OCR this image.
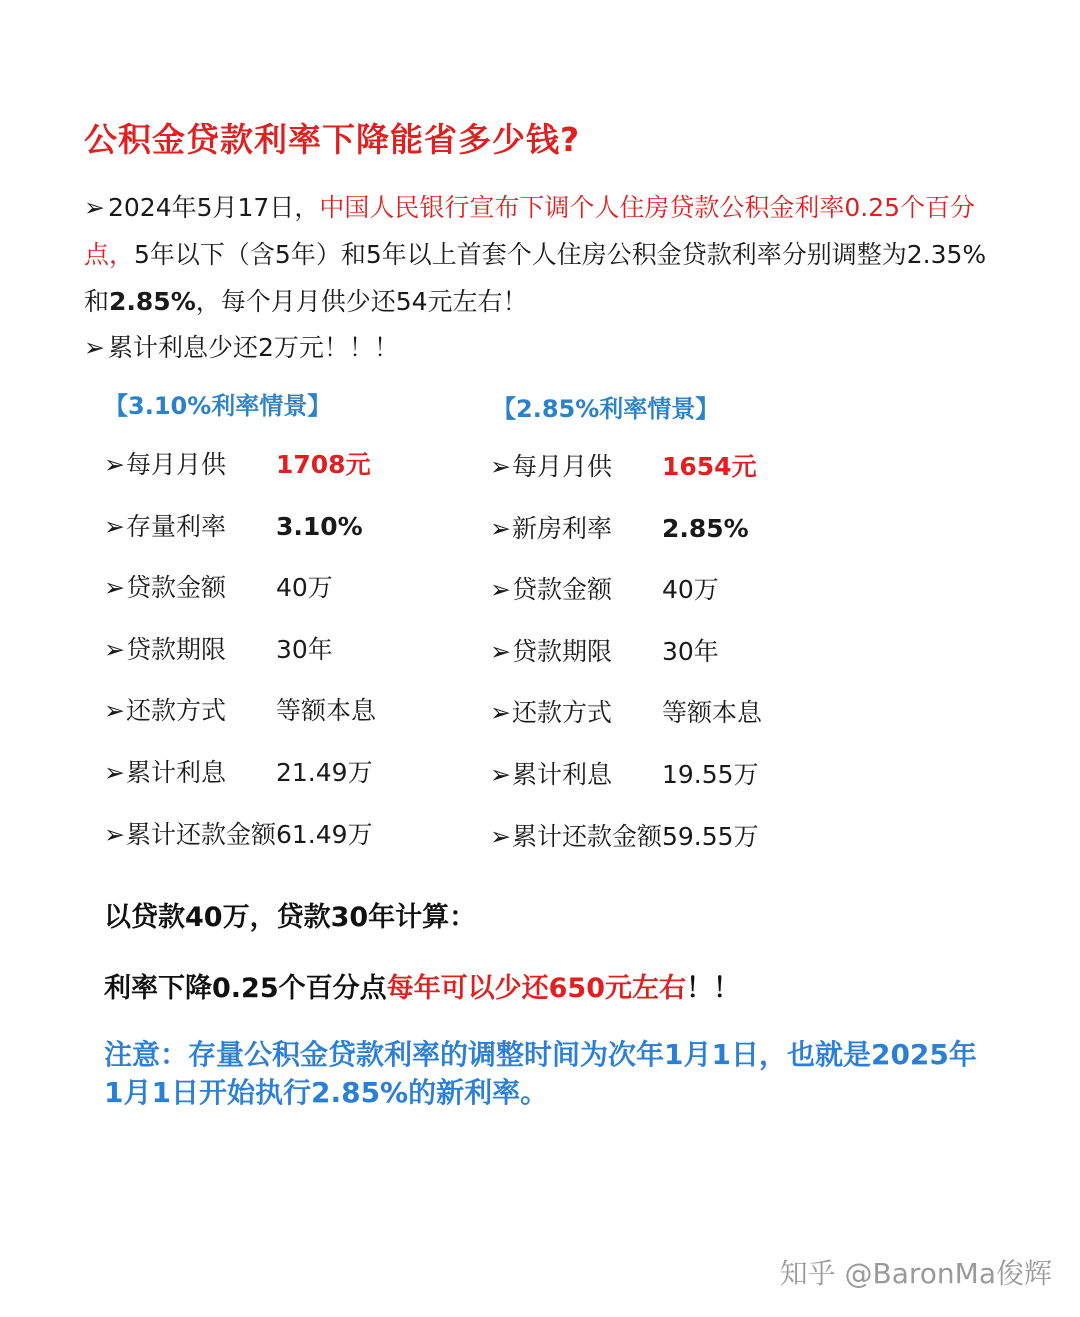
公积金贷款利率下降能省多少钱?
➢ 2024年5月17日，中国人民银行宣布下调个人住房贷款公积金利率0.25个百分点，5年以下（含5年）和5年以上首套个人住房公积金贷款利率分别调整为2.35%和2.85%，每个月月供少还54元左右！
➢ 累计利息少还2万元！！！
【3.10%利率情景】	【2.85%利率情景】
➢每月月供 1708元
➢存量利率 3.10%
➢贷款金额 40万
➢贷款期限 30年
➢还款方式 等额本息
➢累计利息 21.49万
➢累计还款金额 61.49万
➢每月月供 1654元
➢新房利率 2.85%
➢贷款金额 40万
➢贷款期限 30年
➢还款方式 等额本息
➢累计利息 19.55万
➢累计还款金额 59.55万
以贷款40万，贷款30年计算：
利率下降0.25个百分点每年可以少还650元左右！！
注意：存量公积金贷款利率的调整时间为次年1月1日，也就是2025年1月1日开始执行2.85%的新利率。
知乎 @BaronMa俊辉
